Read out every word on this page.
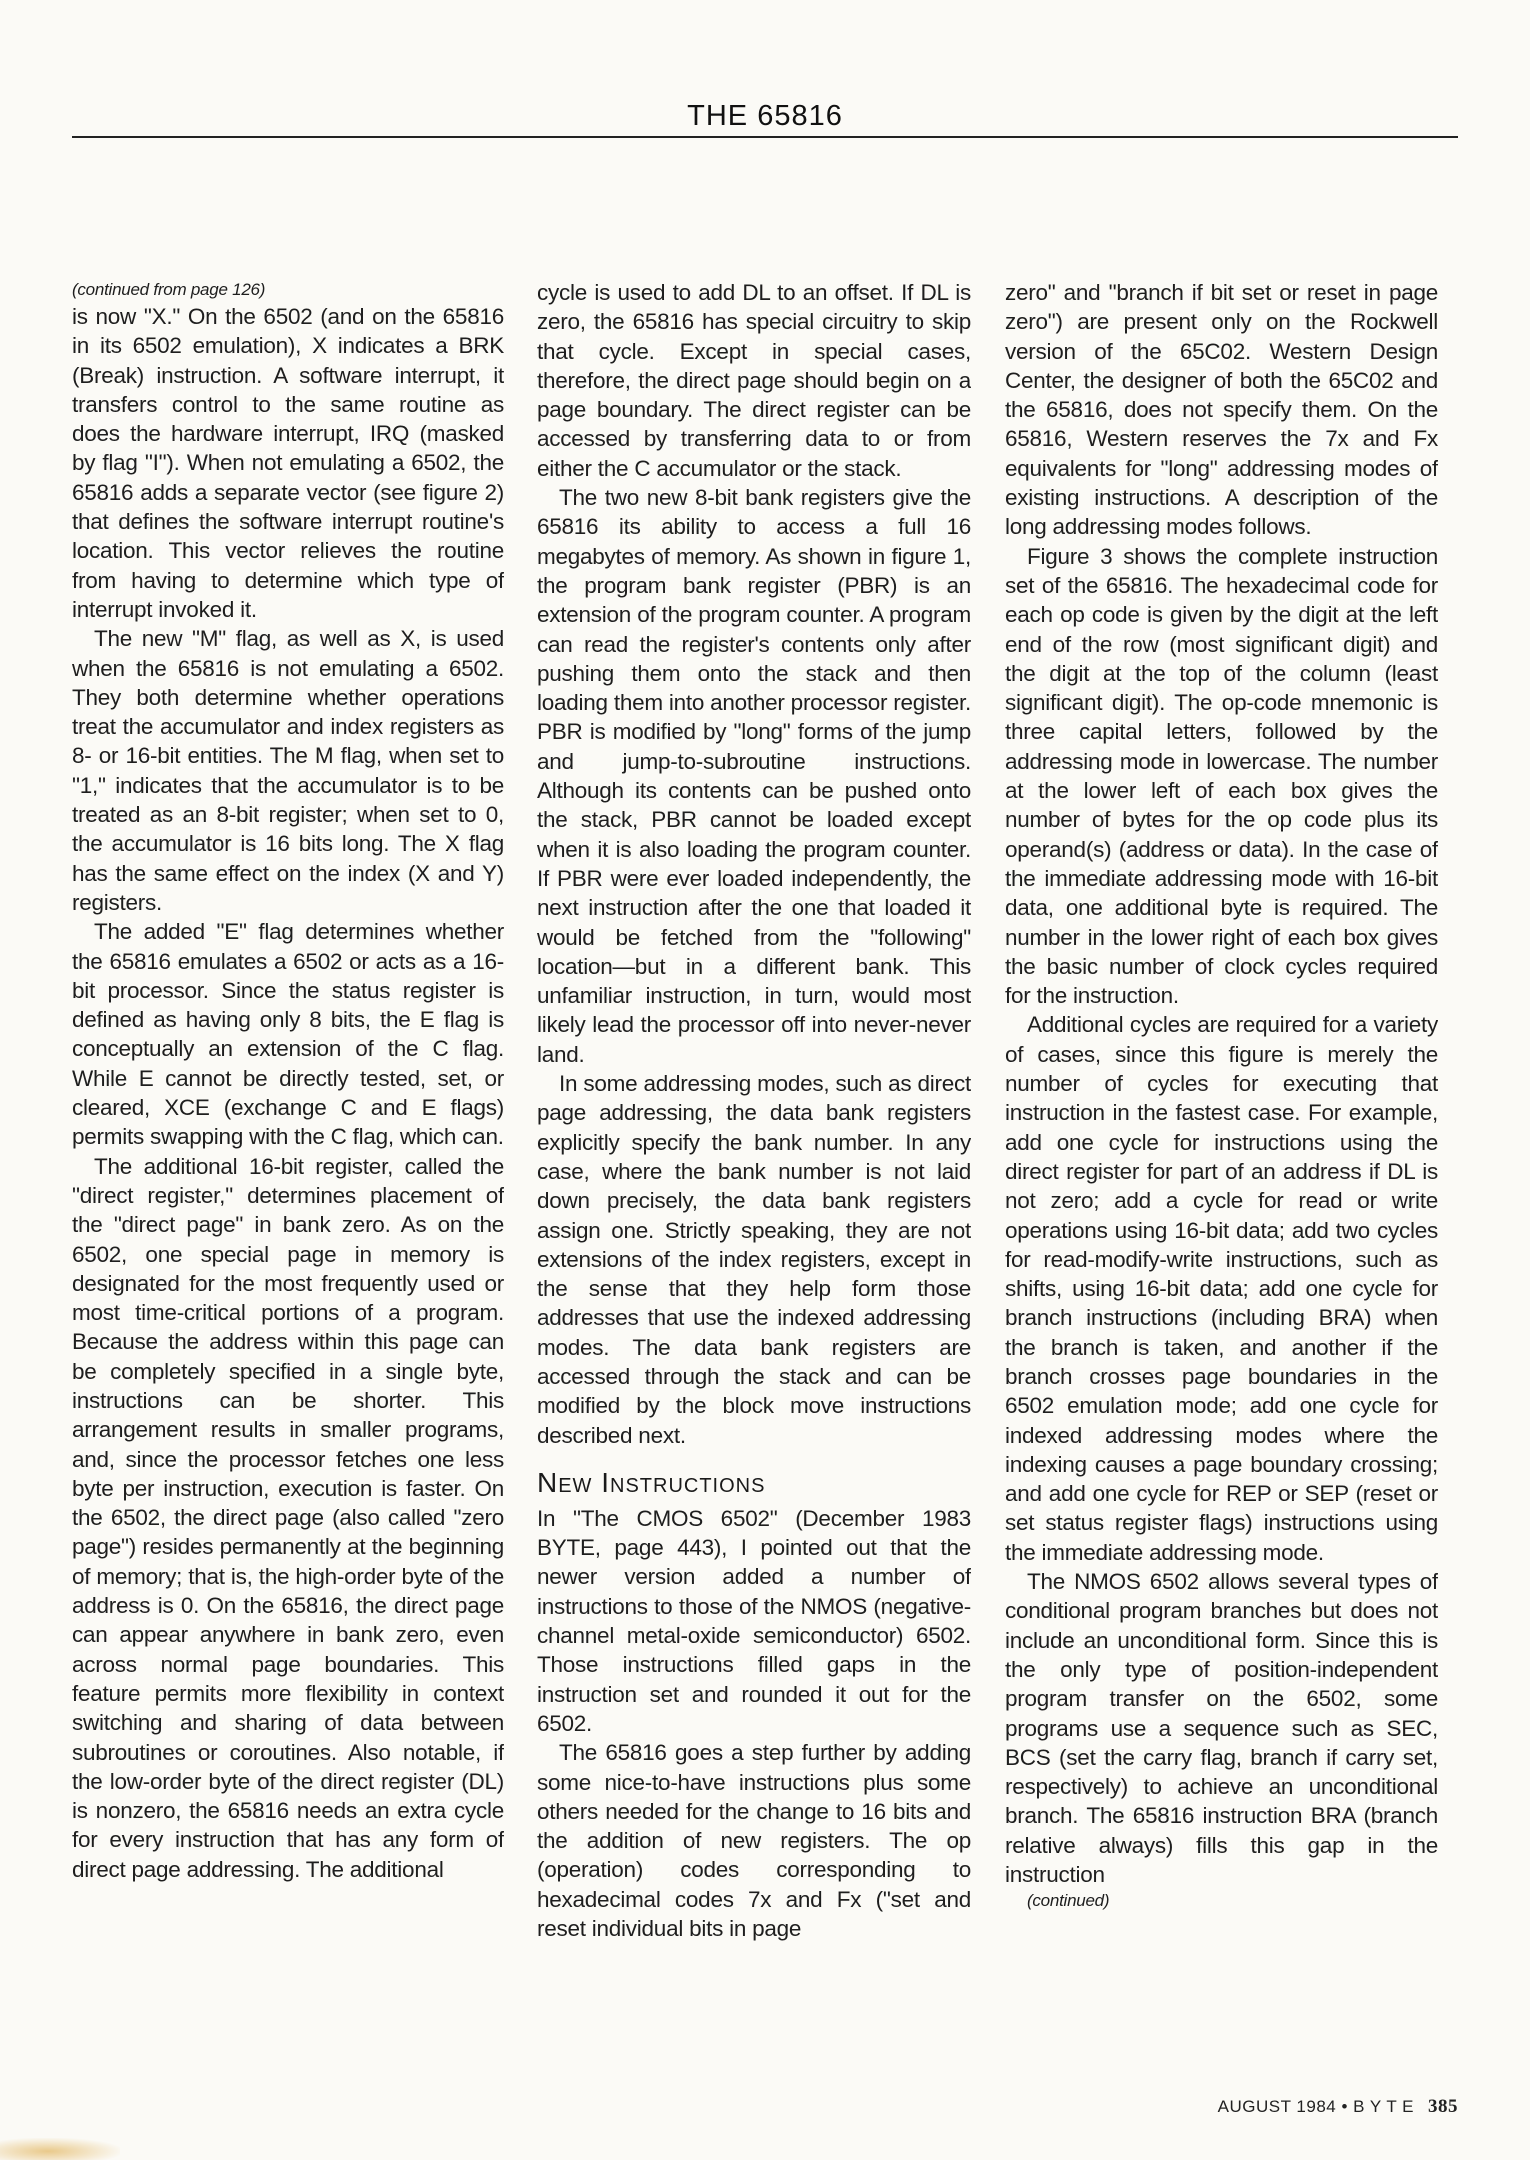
THE 65816

(continued from page 126)

is now "X." On the 6502 (and on the 65816 in its 6502 emulation), X indicates a BRK (Break) instruction. A software interrupt, it transfers control to the same routine as does the hardware interrupt, IRQ (masked by flag "I"). When not emulating a 6502, the 65816 adds a separate vector (see figure 2) that defines the software interrupt routine's location. This vector relieves the routine from having to determine which type of interrupt invoked it.

The new "M" flag, as well as X, is used when the 65816 is not emulating a 6502. They both determine whether operations treat the accumulator and index registers as 8- or 16-bit entities. The M flag, when set to "1," indicates that the accumulator is to be treated as an 8-bit register; when set to 0, the accumulator is 16 bits long. The X flag has the same effect on the index (X and Y) registers.

The added "E" flag determines whether the 65816 emulates a 6502 or acts as a 16-bit processor. Since the status register is defined as having only 8 bits, the E flag is conceptually an extension of the C flag. While E cannot be directly tested, set, or cleared, XCE (exchange C and E flags) permits swapping with the C flag, which can.

The additional 16-bit register, called the "direct register," determines placement of the "direct page" in bank zero. As on the 6502, one special page in memory is designated for the most frequently used or most time-critical portions of a program. Because the address within this page can be completely specified in a single byte, instructions can be shorter. This arrangement results in smaller programs, and, since the processor fetches one less byte per instruction, execution is faster. On the 6502, the direct page (also called "zero page") resides permanently at the beginning of memory; that is, the high-order byte of the address is 0. On the 65816, the direct page can appear anywhere in bank zero, even across normal page boundaries. This feature permits more flexibility in context switching and sharing of data between subroutines or coroutines. Also notable, if the low-order byte of the direct register (DL) is nonzero, the 65816 needs an extra cycle for every instruction that has any form of direct page addressing. The additional

cycle is used to add DL to an offset. If DL is zero, the 65816 has special circuitry to skip that cycle. Except in special cases, therefore, the direct page should begin on a page boundary. The direct register can be accessed by transferring data to or from either the C accumulator or the stack.

The two new 8-bit bank registers give the 65816 its ability to access a full 16 megabytes of memory. As shown in figure 1, the program bank register (PBR) is an extension of the program counter. A program can read the register's contents only after pushing them onto the stack and then loading them into another processor register. PBR is modified by "long" forms of the jump and jump-to-subroutine instructions. Although its contents can be pushed onto the stack, PBR cannot be loaded except when it is also loading the program counter. If PBR were ever loaded independently, the next instruction after the one that loaded it would be fetched from the "following" location—but in a different bank. This unfamiliar instruction, in turn, would most likely lead the processor off into never-never land.

In some addressing modes, such as direct page addressing, the data bank registers explicitly specify the bank number. In any case, where the bank number is not laid down precisely, the data bank registers assign one. Strictly speaking, they are not extensions of the index registers, except in the sense that they help form those addresses that use the indexed addressing modes. The data bank registers are accessed through the stack and can be modified by the block move instructions described next.

New Instructions

In "The CMOS 6502" (December 1983 BYTE, page 443), I pointed out that the newer version added a number of instructions to those of the NMOS (negative-channel metal-oxide semiconductor) 6502. Those instructions filled gaps in the instruction set and rounded it out for the 6502.

The 65816 goes a step further by adding some nice-to-have instructions plus some others needed for the change to 16 bits and the addition of new registers. The op (operation) codes corresponding to hexadecimal codes 7x and Fx ("set and reset individual bits in page

zero" and "branch if bit set or reset in page zero") are present only on the Rockwell version of the 65C02. Western Design Center, the designer of both the 65C02 and the 65816, does not specify them. On the 65816, Western reserves the 7x and Fx equivalents for "long" addressing modes of existing instructions. A description of the long addressing modes follows.

Figure 3 shows the complete instruction set of the 65816. The hexadecimal code for each op code is given by the digit at the left end of the row (most significant digit) and the digit at the top of the column (least significant digit). The op-code mnemonic is three capital letters, followed by the addressing mode in lowercase. The number at the lower left of each box gives the number of bytes for the op code plus its operand(s) (address or data). In the case of the immediate addressing mode with 16-bit data, one additional byte is required. The number in the lower right of each box gives the basic number of clock cycles required for the instruction.

Additional cycles are required for a variety of cases, since this figure is merely the number of cycles for executing that instruction in the fastest case. For example, add one cycle for instructions using the direct register for part of an address if DL is not zero; add a cycle for read or write operations using 16-bit data; add two cycles for read-modify-write instructions, such as shifts, using 16-bit data; add one cycle for branch instructions (including BRA) when the branch is taken, and another if the branch crosses page boundaries in the 6502 emulation mode; add one cycle for indexed addressing modes where the indexing causes a page boundary crossing; and add one cycle for REP or SEP (reset or set status register flags) instructions using the immediate addressing mode.

The NMOS 6502 allows several types of conditional program branches but does not include an unconditional form. Since this is the only type of position-independent program transfer on the 6502, some programs use a sequence such as SEC, BCS (set the carry flag, branch if carry set, respectively) to achieve an unconditional branch. The 65816 instruction BRA (branch relative always) fills this gap in the instruction

(continued)

AUGUST 1984 • B Y T E 385
